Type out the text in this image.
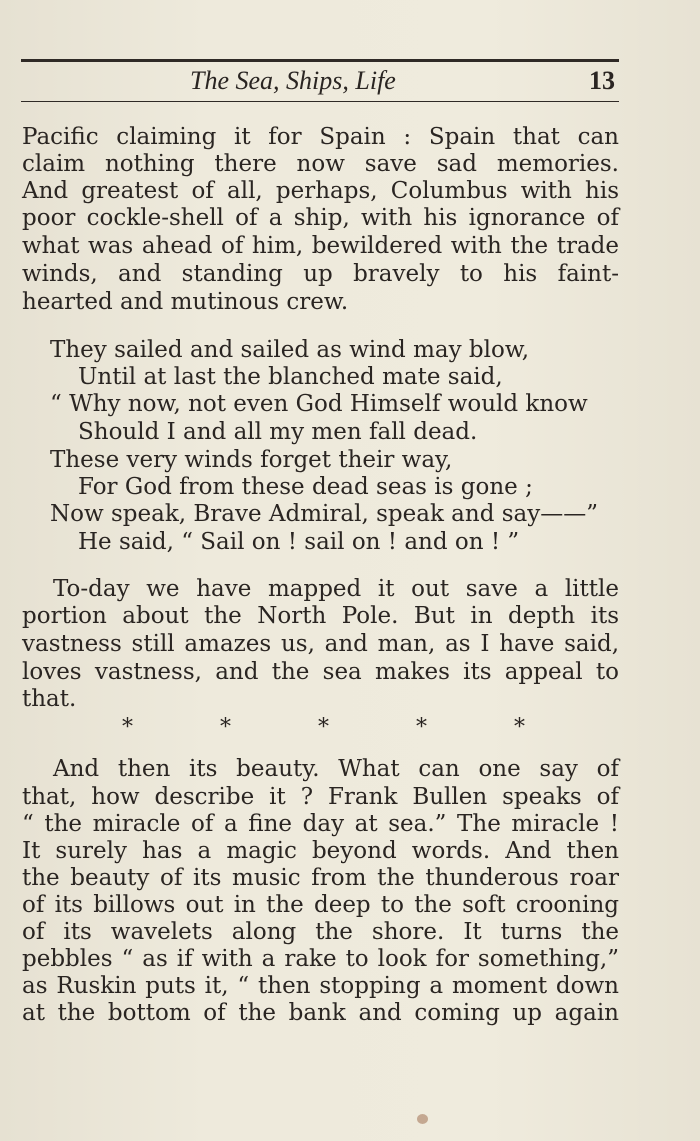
The Sea, Ships, Life	13
Pacific claiming it for Spain : Spain that can
claim nothing there now save sad memories.
And greatest of all, perhaps, Columbus with his
poor cockle-shell of a ship, with his ignorance of
what was ahead of him, bewildered with the trade
winds, and standing up bravely to his faint-
hearted and mutinous crew.
They sailed and sailed as wind may blow,
Until at last the blanched mate said,
“ Why now, not even God Himself would know
Should I and all my men fall dead.
These very winds forget their way,
For God from these dead seas is gone ;
Now speak, Brave Admiral, speak and say——”
He said, “ Sail on ! sail on ! and on ! ”
To-day we have mapped it out save a little
portion about the North Pole. But in depth its
vastness still amazes us, and man, as I have said,
loves vastness, and the sea makes its appeal to
that.
*	*	*	*	*
And then its beauty. What can one say of
that, how describe it ? Frank Bullen speaks of
“ the miracle of a fine day at sea.” The miracle !
It surely has a magic beyond words. And then
the beauty of its music from the thunderous roar
of its billows out in the deep to the soft crooning
of its wavelets along the shore. It turns the
pebbles “ as if with a rake to look for something,”
as Ruskin puts it, “ then stopping a moment down
at the bottom of the bank and coming up again
